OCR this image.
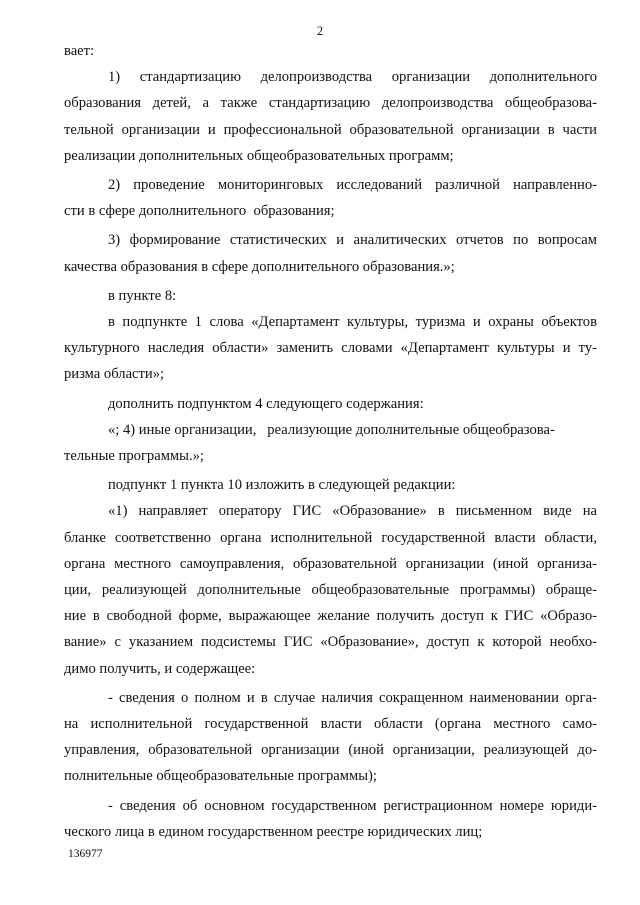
2
вает:
1) стандартизацию делопроизводства организации дополнительного
образования детей, а также стандартизацию делопроизводства общеобразова-
тельной организации и профессиональной образовательной организации в части
реализации дополнительных общеобразовательных программ;
2) проведение мониторинговых исследований различной направленно-
сти в сфере дополнительного  образования;
3) формирование статистических и аналитических отчетов по вопросам
качества образования в сфере дополнительного образования.»;
в пункте 8:
в подпункте 1 слова «Департамент культуры, туризма и охраны объектов
культурного наследия области» заменить словами «Департамент культуры и ту-
ризма области»;
дополнить подпунктом 4 следующего содержания:
«; 4) иные организации,   реализующие дополнительные общеобразова-
тельные программы.»;
подпункт 1 пункта 10 изложить в следующей редакции:
«1) направляет оператору ГИС «Образование» в письменном виде на
бланке соответственно органа исполнительной государственной власти области,
органа местного самоуправления, образовательной организации (иной организа-
ции, реализующей дополнительные общеобразовательные программы) обраще-
ние в свободной форме, выражающее желание получить доступ к ГИС «Образо-
вание» с указанием подсистемы ГИС «Образование», доступ к которой необхо-
димо получить, и содержащее:
- сведения о полном и в случае наличия сокращенном наименовании орга-
на исполнительной государственной власти области (органа местного само-
управления, образовательной организации (иной организации, реализующей до-
полнительные общеобразовательные программы);
- сведения об основном государственном регистрационном номере юриди-
ческого лица в едином государственном реестре юридических лиц;
136977
